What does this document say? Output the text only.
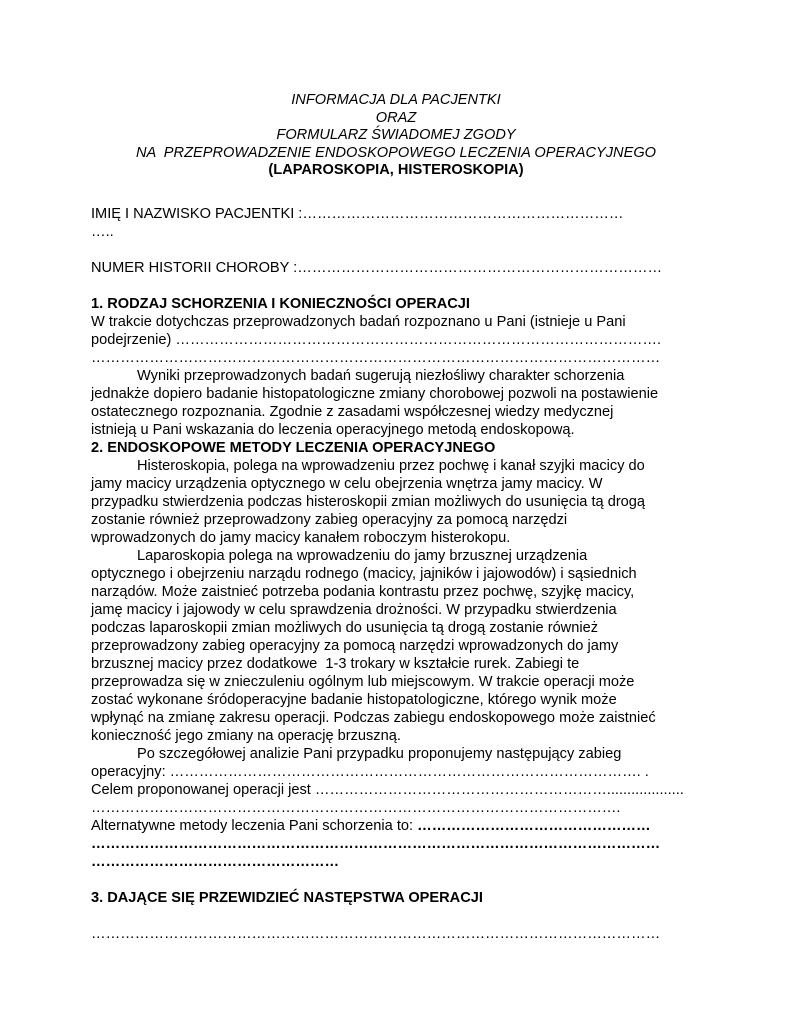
INFORMACJA DLA PACJENTKI
ORAZ
FORMULARZ ŚWIADOMEJ ZGODY
NA  PRZEPROWADZENIE ENDOSKOPOWEGO LECZENIA OPERACYJNEGO
(LAPAROSKOPIA, HISTEROSKOPIA)
IMIĘ I NAZWISKO PACJENTKI :…………………………………………………………
…..
NUMER HISTORII CHOROBY :…………………………………………………………………
1. RODZAJ SCHORZENIA I KONIECZNOŚCI OPERACJI
W trakcie dotychczas przeprowadzonych badań rozpoznano u Pani (istnieje u Pani
podejrzenie) ……………………………………………………………………………………….
………………………………………………………………………………………………………
Wyniki przeprowadzonych badań sugerują niezłośliwy charakter schorzenia
jednakże dopiero badanie histopatologiczne zmiany chorobowej pozwoli na postawienie
ostatecznego rozpoznania. Zgodnie z zasadami współczesnej wiedzy medycznej
istnieją u Pani wskazania do leczenia operacyjnego metodą endoskopową.
2. ENDOSKOPOWE METODY LECZENIA OPERACYJNEGO
Histeroskopia, polega na wprowadzeniu przez pochwę i kanał szyjki macicy do
jamy macicy urządzenia optycznego w celu obejrzenia wnętrza jamy macicy. W
przypadku stwierdzenia podczas histeroskopii zmian możliwych do usunięcia tą drogą
zostanie również przeprowadzony zabieg operacyjny za pomocą narzędzi
wprowadzonych do jamy macicy kanałem roboczym histerokopu.
Laparoskopia polega na wprowadzeniu do jamy brzusznej urządzenia
optycznego i obejrzeniu narządu rodnego (macicy, jajników i jajowodów) i sąsiednich
narządów. Może zaistnieć potrzeba podania kontrastu przez pochwę, szyjkę macicy,
jamę macicy i jajowody w celu sprawdzenia drożności. W przypadku stwierdzenia
podczas laparoskopii zmian możliwych do usunięcia tą drogą zostanie również
przeprowadzony zabieg operacyjny za pomocą narzędzi wprowadzonych do jamy
brzusznej macicy przez dodatkowe  1-3 trokary w kształcie rurek. Zabiegi te
przeprowadza się w znieczuleniu ogólnym lub miejscowym. W trakcie operacji może
zostać wykonane śródoperacyjne badanie histopatologiczne, którego wynik może
wpłynąć na zmianę zakresu operacji. Podczas zabiegu endoskopowego może zaistnieć
konieczność jego zmiany na operację brzuszną.
Po szczegółowej analizie Pani przypadku proponujemy następujący zabieg
operacyjny: ……………………………………………………………………………………. .
Celem proponowanej operacji jest ……………………………………………………...................
……………………………………………………………………………………………….
Alternatywne metody leczenia Pani schorzenia to: …………………………………………
………………………………………………………………………………………………………
……………………………………………
3. DAJĄCE SIĘ PRZEWIDZIEĆ NASTĘPSTWA OPERACJI
………………………………………………………………………………………………………
